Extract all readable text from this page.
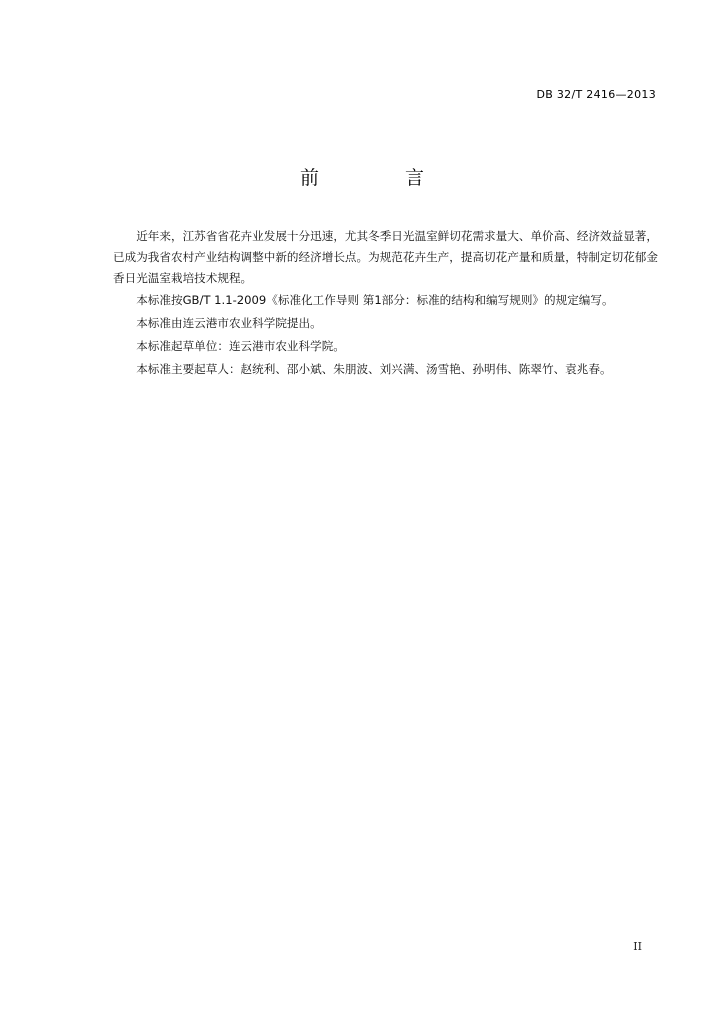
DB 32/T 2416—2013
前 言

近年来，江苏省省花卉业发展十分迅速，尤其冬季日光温室鲜切花需求量大、单价高、经济效益显著，已成为我省农村产业结构调整中新的经济增长点。为规范花卉生产，提高切花产量和质量，特制定切花郁金香日光温室栽培技术规程。

本标准按GB/T 1.1-2009《标准化工作导则 第1部分：标准的结构和编写规则》的规定编写。

本标准由连云港市农业科学院提出。

本标准起草单位：连云港市农业科学院。

本标准主要起草人：赵统利、邵小斌、朱朋波、刘兴满、汤雪艳、孙明伟、陈翠竹、袁兆春。

II
